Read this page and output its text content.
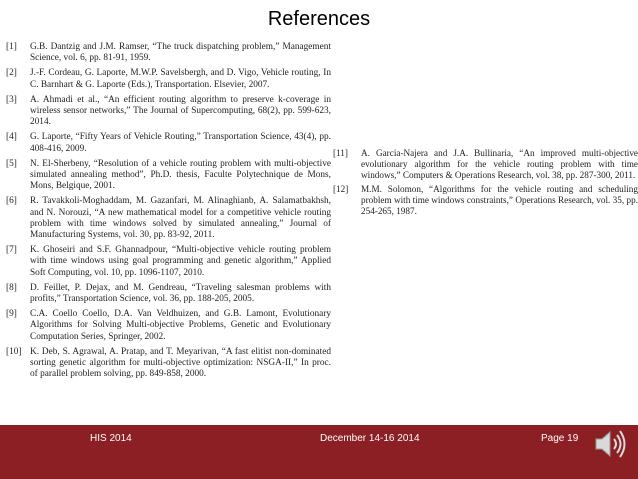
References
[1]	G.B. Dantzig and J.M. Ramser, “The truck dispatching problem,” Management Science, vol. 6, pp. 81-91, 1959.
[2]	J.-F. Cordeau, G. Laporte, M.W.P. Savelsbergh, and D. Vigo, Vehicle routing, In C. Barnhart & G. Laporte (Eds.), Transportation. Elsevier, 2007.
[3]	A. Ahmadi et al., “An efficient routing algorithm to preserve k-coverage in wireless sensor networks,” The Journal of Supercomputing, 68(2), pp. 599-623, 2014.
[4]	G. Laporte, “Fifty Years of Vehicle Routing,” Transportation Science, 43(4), pp. 408-416, 2009.
[5]	N. El-Sherbeny, “Resolution of a vehicle routing problem with multi-objective simulated annealing method”, Ph.D. thesis, Faculte Polytechnique de Mons, Mons, Belgique, 2001.
[6]	R. Tavakkoli-Moghaddam, M. Gazanfari, M. Alinaghianb, A. Salamatbakhsh, and N. Norouzi, “A new mathematical model for a competitive vehicle routing problem with time windows solved by simulated annealing,” Journal of Manufacturing Systems, vol. 30, pp. 83-92, 2011.
[7]	K. Ghoseiri and S.F. Ghannadpour, “Multi-objective vehicle routing problem with time windows using goal programming and genetic algorithm,” Applied Soft Computing, vol. 10, pp. 1096-1107, 2010.
[8]	D. Feillet, P. Dejax, and M. Gendreau, “Traveling salesman problems with profits,” Transportation Science, vol. 36, pp. 188-205, 2005.
[9]	C.A. Coello Coello, D.A. Van Veldhuizen, and G.B. Lamont, Evolutionary Algorithms for Solving Multi-objective Problems, Genetic and Evolutionary Computation Series, Springer, 2002.
[10] K. Deb, S. Agrawal, A. Pratap, and T. Meyarivan, “A fast elitist non-dominated sorting genetic algorithm for multi-objective optimization: NSGA-II,” In proc. of parallel problem solving, pp. 849-858, 2000.
[11]	A. Garcia-Najera and J.A. Bullinaria, “An improved multi-objective evolutionary algorithm for the vehicle routing problem with time windows,” Computers & Operations Research, vol. 38, pp. 287-300, 2011.
[12]	M.M. Solomon, “Algorithms for the vehicle routing and scheduling problem with time windows constraints,” Operations Research, vol. 35, pp. 254-265, 1987.
HIS 2014	December 14-16 2014	Page 19
